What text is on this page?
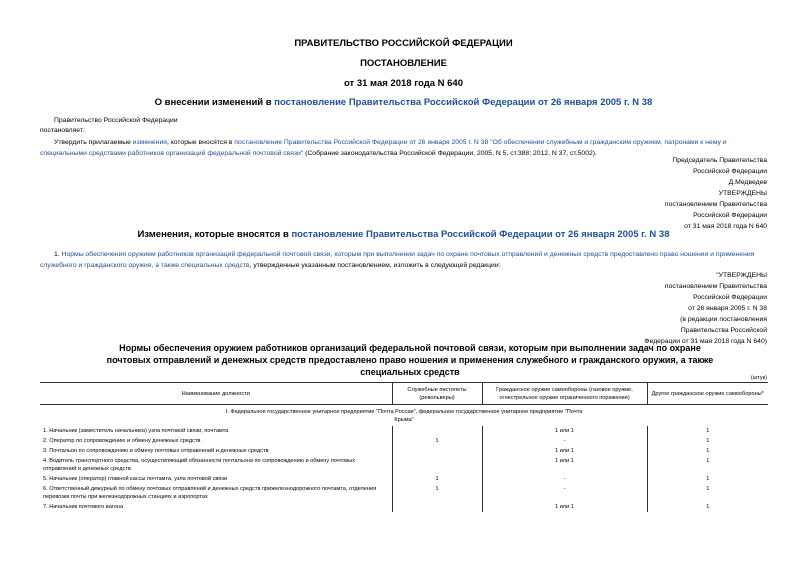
ПРАВИТЕЛЬСТВО РОССИЙСКОЙ ФЕДЕРАЦИИ
ПОСТАНОВЛЕНИЕ
от 31 мая 2018 года N 640
О внесении изменений в постановление Правительства Российской Федерации от 26 января 2005 г. N 38
Правительство Российской Федерации
постановляет:
Утвердить прилагаемые изменения, которые вносятся в постановление Правительства Российской Федерации от 26 января 2005 г. N 38 "Об обеспечении служебным и гражданским оружием, патронами к нему и специальными средствами работников организаций федеральной почтовой связи" (Собрание законодательства Российской Федерации, 2005, N 5, ст.388; 2012, N 37, ст.5002).
Председатель Правительства
Российской Федерации
Д.Медведев
УТВЕРЖДЕНЫ
постановлением Правительства
Российской Федерации
от 31 мая 2018 года N 640
Изменения, которые вносятся в постановление Правительства Российской Федерации от 26 января 2005 г. N 38
1. Нормы обеспечения оружием работников организаций федеральной почтовой связи, которым при выполнении задач по охране почтовых отправлений и денежных средств предоставлено право ношения и применения служебного и гражданского оружия, а также специальных средств, утвержденные указанным постановлением, изложить в следующей редакции:
"УТВЕРЖДЕНЫ
постановлением Правительства
Российской Федерации
от 26 января 2005 г. N 38
(в редакции постановления
Правительства Российской
Федерации от 31 мая 2018 года N 640)
Нормы обеспечения оружием работников организаций федеральной почтовой связи, которым при выполнении задач по охране почтовых отправлений и денежных средств предоставлено право ношения и применения служебного и гражданского оружия, а также специальных средств
(штук)
Наименование должности	Служебные пистолеты (револьверы)	Гражданское оружие самообороны (газовое оружие, огнестрельное оружие ограниченного поражения)	Другое гражданское оружие самообороны*
I. Федеральное государственное унитарное предприятие "Почта России", федеральное государственное унитарное предприятие "Почта Крыма"			
1. Начальник (заместитель начальника) узла почтовой связи, почтамта		1 или 1	1
2. Оператор по сопровождению и обмену денежных средств	1	-	1
3. Почтальон по сопровождению и обмену почтовых отправлений и денежных средств		1 или 1	1
4. Водитель транспортного средства, осуществляющий обязанности почтальона по сопровождению и обмену почтовых отправлений и денежных средств		1 или 1	1
5. Начальник (оператор) главной кассы почтамта, узла почтовой связи	1	-	1
6. Ответственный дежурный по обмену почтовых отправлений и денежных средств прижелезнодорожного почтамта, отделения перевозки почты при железнодорожных станциях и аэропортах	1	-	1
7. Начальник почтового вагона		1 или 1	1
